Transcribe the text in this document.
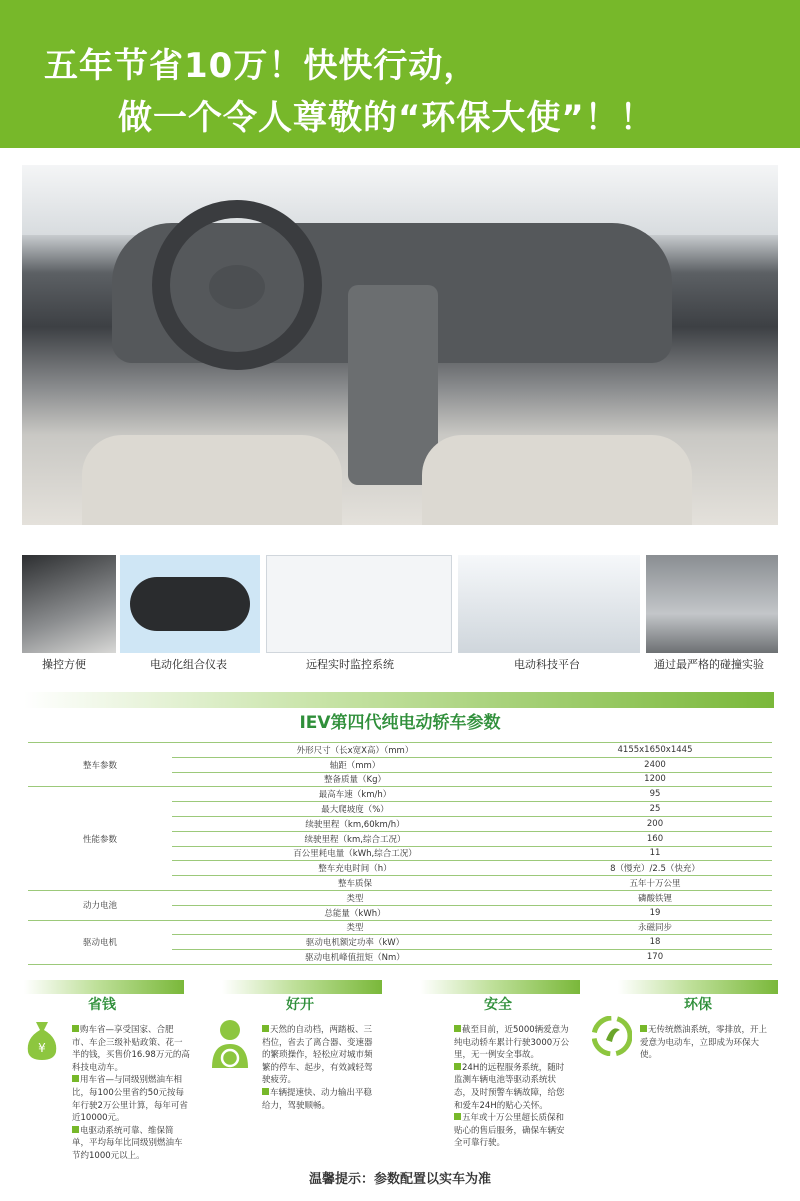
五年节省10万！快快行动，
做一个令人尊敬的“环保大使”！！
操控方便	电动化组合仪表	远程实时监控系统	电动科技平台	通过最严格的碰撞实验
IEV第四代纯电动轿车参数
整车参数	外形尺寸（长x宽X高）（mm）	4155x1650x1445
	轴距（mm）	2400
	整备质量（Kg）	1200
性能参数	最高车速（km/h）	95
	最大爬坡度（%）	25
	续驶里程（km,60km/h）	200
	续驶里程（km,综合工况）	160
	百公里耗电量（kWh,综合工况）	11
	整车充电时间（h）	8（慢充）/2.5（快充）
	整车质保	五年十万公里
动力电池	类型	磷酸铁锂
	总能量（kWh）	19
驱动电机	类型	永磁同步
	驱动电机额定功率（kW）	18
	驱动电机峰值扭矩（Nm）	170
省钱	好开	安全	环保
¥

购车省—享受国家、合肥市、车企三级补贴政策、花一半的钱，买售价16.98万元的高科技电动车。

用车省—与同级别燃油车相比，每100公里省约50元按每年行驶2万公里计算，每年可省近10000元。

电驱动系统可靠、维保简单，平均每年比同级别燃油车节约1000元以上。

天然的自动档，两踏板、三档位，省去了离合器、变速器的繁琐操作，轻松应对城市频繁的停车、起步，有效减轻驾驶疲劳。

车辆提速快、动力输出平稳给力，驾驶顺畅。

截至目前，近5000辆爱意为纯电动轿车累计行驶3000万公里，无一例安全事故。

24H的远程服务系统，随时监测车辆电池等驱动系统状态，及时预警车辆故障，给您和爱车24H的贴心关怀。

五年或十万公里超长质保和贴心的售后服务，确保车辆安全可靠行驶。

无传统燃油系统，零排放，开上爱意为电动车，立即成为环保大使。

温馨提示：参数配置以实车为准
